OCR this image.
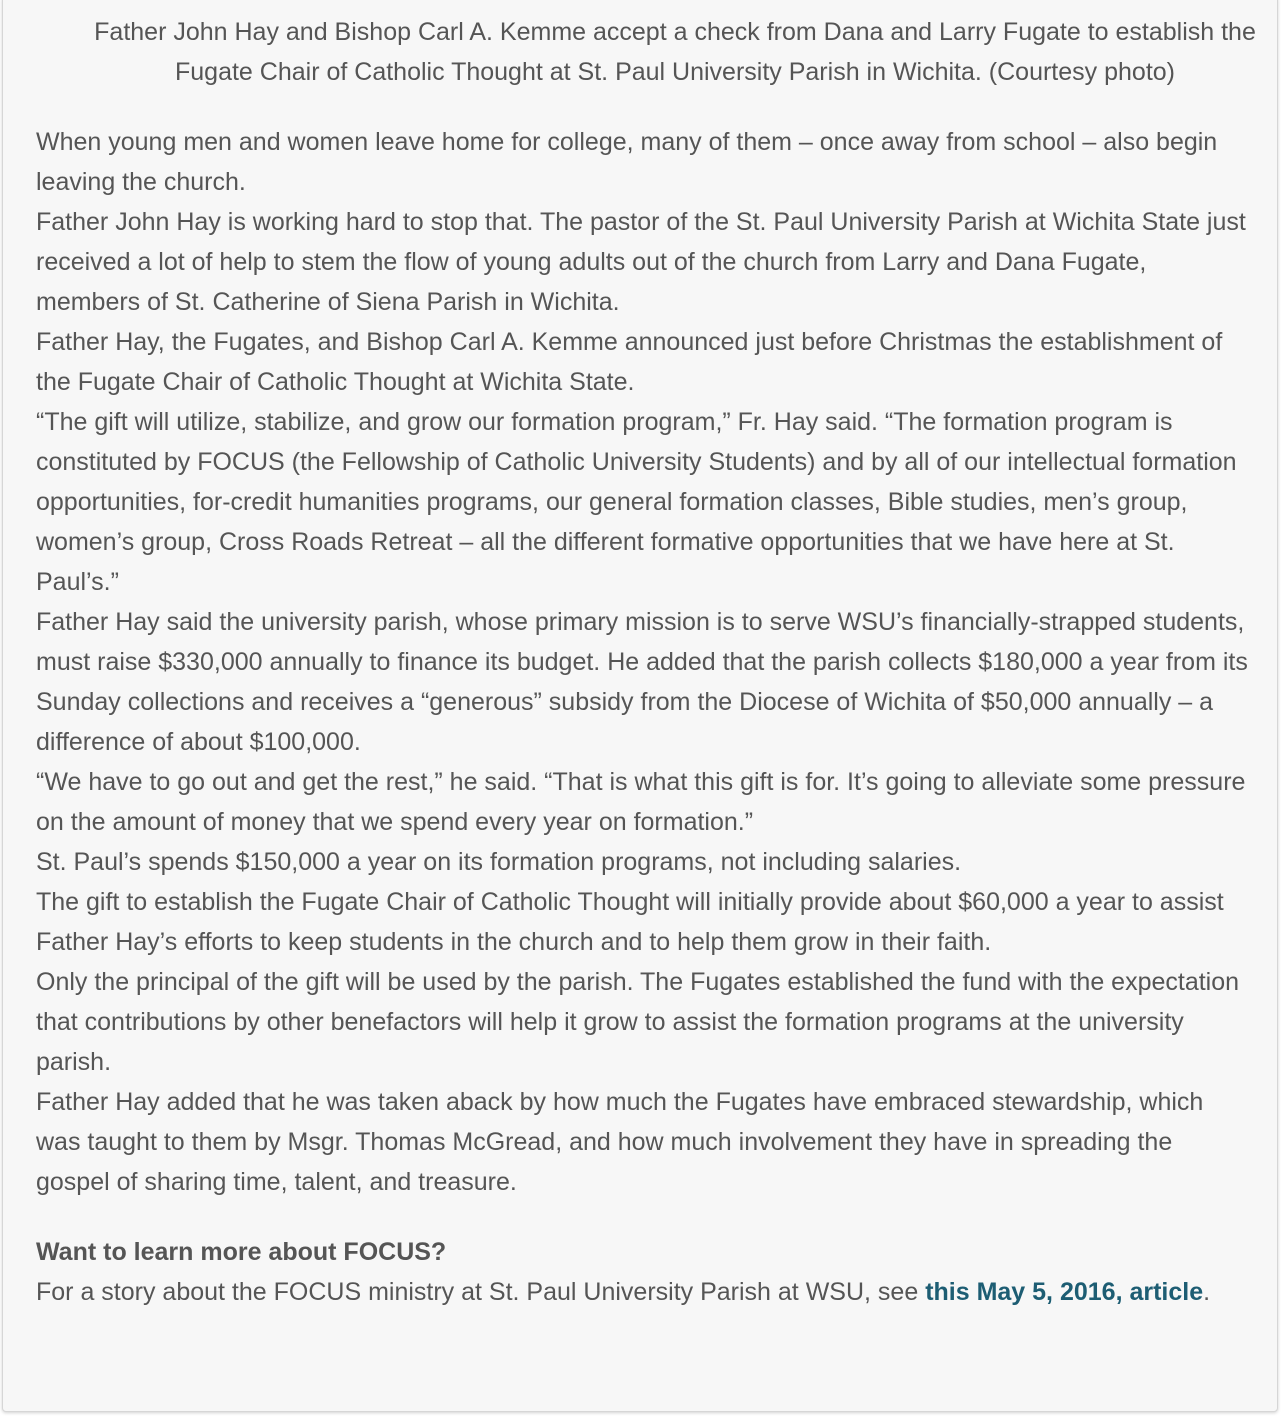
Father John Hay and Bishop Carl A. Kemme accept a check from Dana and Larry Fugate to establish the Fugate Chair of Catholic Thought at St. Paul University Parish in Wichita. (Courtesy photo)

When young men and women leave home for college, many of them – once away from school – also begin leaving the church.

Father John Hay is working hard to stop that. The pastor of the St. Paul University Parish at Wichita State just received a lot of help to stem the flow of young adults out of the church from Larry and Dana Fugate, members of St. Catherine of Siena Parish in Wichita.

Father Hay, the Fugates, and Bishop Carl A. Kemme announced just before Christmas the establishment of the Fugate Chair of Catholic Thought at Wichita State.

“The gift will utilize, stabilize, and grow our formation program,” Fr. Hay said. “The formation program is constituted by FOCUS (the Fellowship of Catholic University Students) and by all of our intellectual formation opportunities, for-credit humanities programs, our general formation classes, Bible studies, men’s group, women’s group, Cross Roads Retreat – all the different formative opportunities that we have here at St. Paul’s.”

Father Hay said the university parish, whose primary mission is to serve WSU’s financially-strapped students, must raise $330,000 annually to finance its budget. He added that the parish collects $180,000 a year from its Sunday collections and receives a “generous” subsidy from the Diocese of Wichita of $50,000 annually – a difference of about $100,000.

“We have to go out and get the rest,” he said. “That is what this gift is for. It’s going to alleviate some pressure on the amount of money that we spend every year on formation.”

St. Paul’s spends $150,000 a year on its formation programs, not including salaries.

The gift to establish the Fugate Chair of Catholic Thought will initially provide about $60,000 a year to assist Father Hay’s efforts to keep students in the church and to help them grow in their faith.

Only the principal of the gift will be used by the parish. The Fugates established the fund with the expectation that contributions by other benefactors will help it grow to assist the formation programs at the university parish.

Father Hay added that he was taken aback by how much the Fugates have embraced stewardship, which was taught to them by Msgr. Thomas McGread, and how much involvement they have in spreading the gospel of sharing time, talent, and treasure.

Want to learn more about FOCUS?

For a story about the FOCUS ministry at St. Paul University Parish at WSU, see this May 5, 2016, article.
